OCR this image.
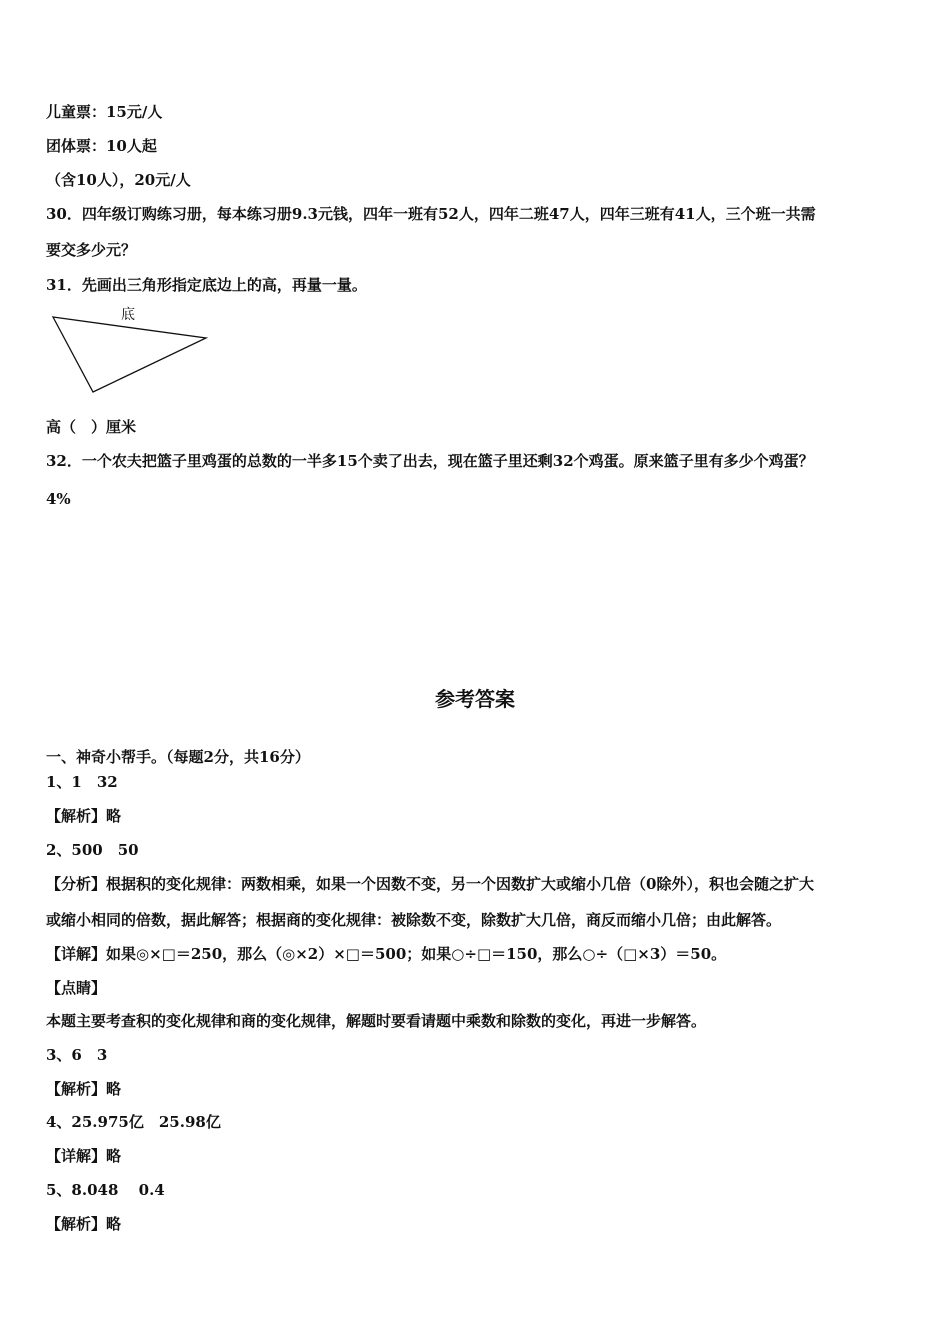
儿童票：15元/人
团体票：10人起
（含10人），20元/人
30．四年级订购练习册，每本练习册9.3元钱，四年一班有52人，四年二班47人，四年三班有41人，三个班一共需
要交多少元？
31．先画出三角形指定底边上的高，再量一量。
底
高（　）厘米
32．一个农夫把篮子里鸡蛋的总数的一半多15个卖了出去，现在篮子里还剩32个鸡蛋。原来篮子里有多少个鸡蛋？
4%
参考答案
一、神奇小帮手。（每题2分，共16分）
1、1　32
【解析】略
2、500　50
【分析】根据积的变化规律：两数相乘，如果一个因数不变，另一个因数扩大或缩小几倍（0除外），积也会随之扩大
或缩小相同的倍数，据此解答；根据商的变化规律：被除数不变，除数扩大几倍，商反而缩小几倍；由此解答。
【详解】如果◎×□＝250，那么（◎×2）×□＝500；如果○÷□＝150，那么○÷（□×3）＝50。
【点睛】
本题主要考查积的变化规律和商的变化规律，解题时要看请题中乘数和除数的变化，再进一步解答。
3、6　3
【解析】略
4、25.975亿　25.98亿
【详解】略
5、8.048　 0.4
【解析】略
